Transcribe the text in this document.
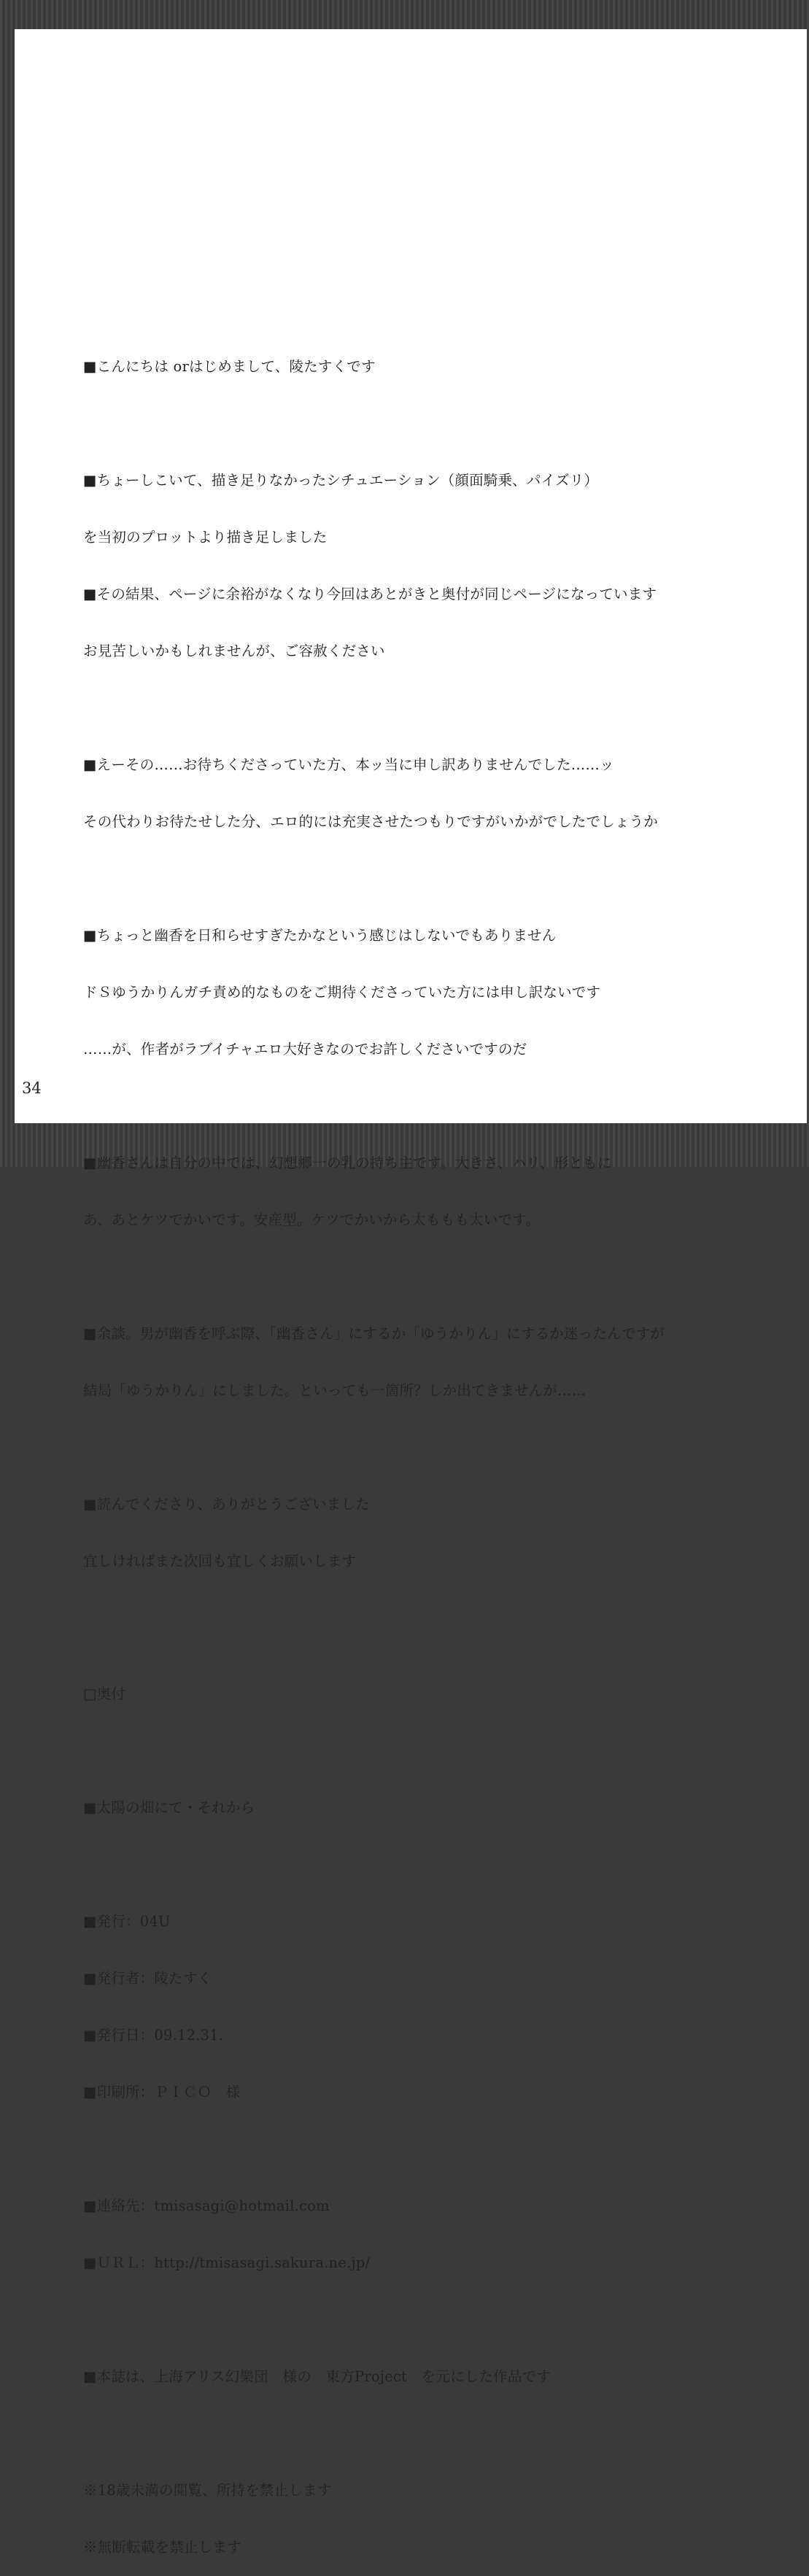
■こんにちは orはじめまして、陵たすくです

■ちょーしこいて、描き足りなかったシチュエーション（顔面騎乗、パイズリ）

を当初のプロットより描き足しました

■その結果、ページに余裕がなくなり今回はあとがきと奥付が同じページになっています

お見苦しいかもしれませんが、ご容赦ください

■えーその……お待ちくださっていた方、本ッ当に申し訳ありませんでした……ッ

その代わりお待たせした分、エロ的には充実させたつもりですがいかがでしたでしょうか

■ちょっと幽香を日和らせすぎたかなという感じはしないでもありません

ドＳゆうかりんガチ責め的なものをご期待くださっていた方には申し訳ないです

……が、作者がラブイチャエロ大好きなのでお許しくださいですのだ

■幽香さんは自分の中では、幻想郷一の乳の持ち主です。大きさ、ハリ、形ともに

あ、あとケツでかいです。安産型。ケツでかいから太ももも太いです。

■余談。男が幽香を呼ぶ際、「幽香さん」にするか「ゆうかりん」にするか迷ったんですが

結局「ゆうかりん」にしました。といっても一箇所？しか出てきませんが……

■読んでくださり、ありがとうございました

宜しければまた次回も宜しくお願いします

□奥付

■太陽の畑にて・それから

■発行：04U

■発行者：陵たすく

■発行日：09.12.31.

■印刷所：ＰＩＣＯ　様

■連絡先：tmisasagi@hotmail.com

■ＵＲＬ：http://tmisasagi.sakura.ne.jp/

■本誌は、上海アリス幻樂団　様の　東方Project　を元にした作品です

※18歳未満の閲覧、所持を禁止します

※無断転載を禁止します

34
